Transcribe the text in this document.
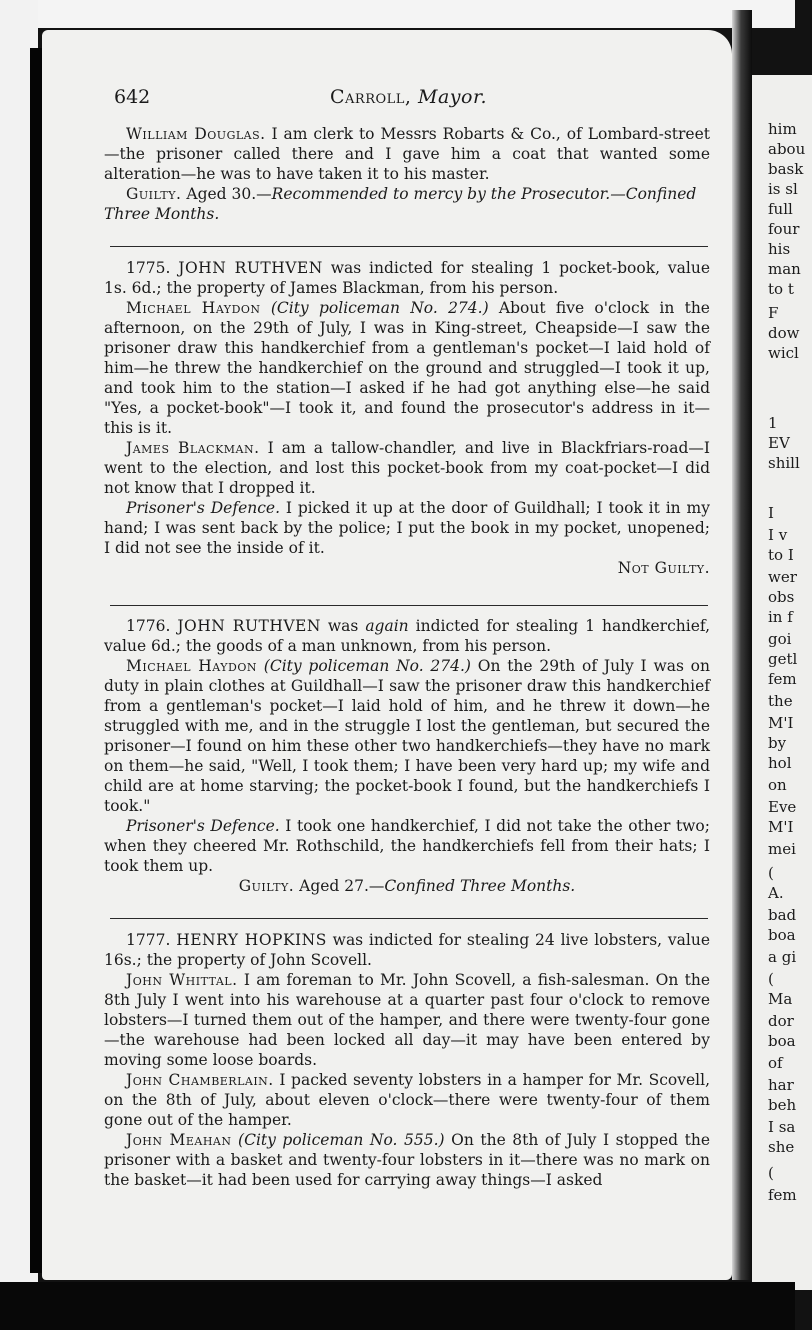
him
abou
bask
is sl
full
four
his
man
to t
F
dow
wicl
1
EV
shill
I
I v
to I
wer
obs
in f
goi
getl
fem
the
M'I
by
hol
on
Eve
M'I
mei
(
A.
bad
boa
a gi
(
Ma
dor
boa
of
har
beh
I sa
she
(
fem
642	Carroll, Mayor.

William Douglas. I am clerk to Messrs Robarts & Co., of Lombard-street—the prisoner called there and I gave him a coat that wanted some alteration—he was to have taken it to his master.

Guilty. Aged 30.—Recommended to mercy by the Prosecutor.—Confined Three Months.

1775. JOHN RUTHVEN was indicted for stealing 1 pocket-book, value 1s. 6d.; the property of James Blackman, from his person.

Michael Haydon (City policeman No. 274.) About five o'clock in the afternoon, on the 29th of July, I was in King-street, Cheapside—I saw the prisoner draw this handkerchief from a gentleman's pocket—I laid hold of him—he threw the handkerchief on the ground and struggled—I took it up, and took him to the station—I asked if he had got anything else—he said "Yes, a pocket-book"—I took it, and found the prosecutor's address in it—this is it.

James Blackman. I am a tallow-chandler, and live in Blackfriars-road—I went to the election, and lost this pocket-book from my coat-pocket—I did not know that I dropped it.

Prisoner's Defence. I picked it up at the door of Guildhall; I took it in my hand; I was sent back by the police; I put the book in my pocket, unopened; I did not see the inside of it.

Not Guilty.

1776. JOHN RUTHVEN was again indicted for stealing 1 handkerchief, value 6d.; the goods of a man unknown, from his person.

Michael Haydon (City policeman No. 274.) On the 29th of July I was on duty in plain clothes at Guildhall—I saw the prisoner draw this handkerchief from a gentleman's pocket—I laid hold of him, and he threw it down—he struggled with me, and in the struggle I lost the gentleman, but secured the prisoner—I found on him these other two handkerchiefs—they have no mark on them—he said, "Well, I took them; I have been very hard up; my wife and child are at home starving; the pocket-book I found, but the handkerchiefs I took."

Prisoner's Defence. I took one handkerchief, I did not take the other two; when they cheered Mr. Rothschild, the handkerchiefs fell from their hats; I took them up.

Guilty. Aged 27.—Confined Three Months.

1777. HENRY HOPKINS was indicted for stealing 24 live lobsters, value 16s.; the property of John Scovell.

John Whittal. I am foreman to Mr. John Scovell, a fish-salesman. On the 8th July I went into his warehouse at a quarter past four o'clock to remove lobsters—I turned them out of the hamper, and there were twenty-four gone—the warehouse had been locked all day—it may have been entered by moving some loose boards.

John Chamberlain. I packed seventy lobsters in a hamper for Mr. Scovell, on the 8th of July, about eleven o'clock—there were twenty-four of them gone out of the hamper.

John Meahan (City policeman No. 555.) On the 8th of July I stopped the prisoner with a basket and twenty-four lobsters in it—there was no mark on the basket—it had been used for carrying away things—I asked
